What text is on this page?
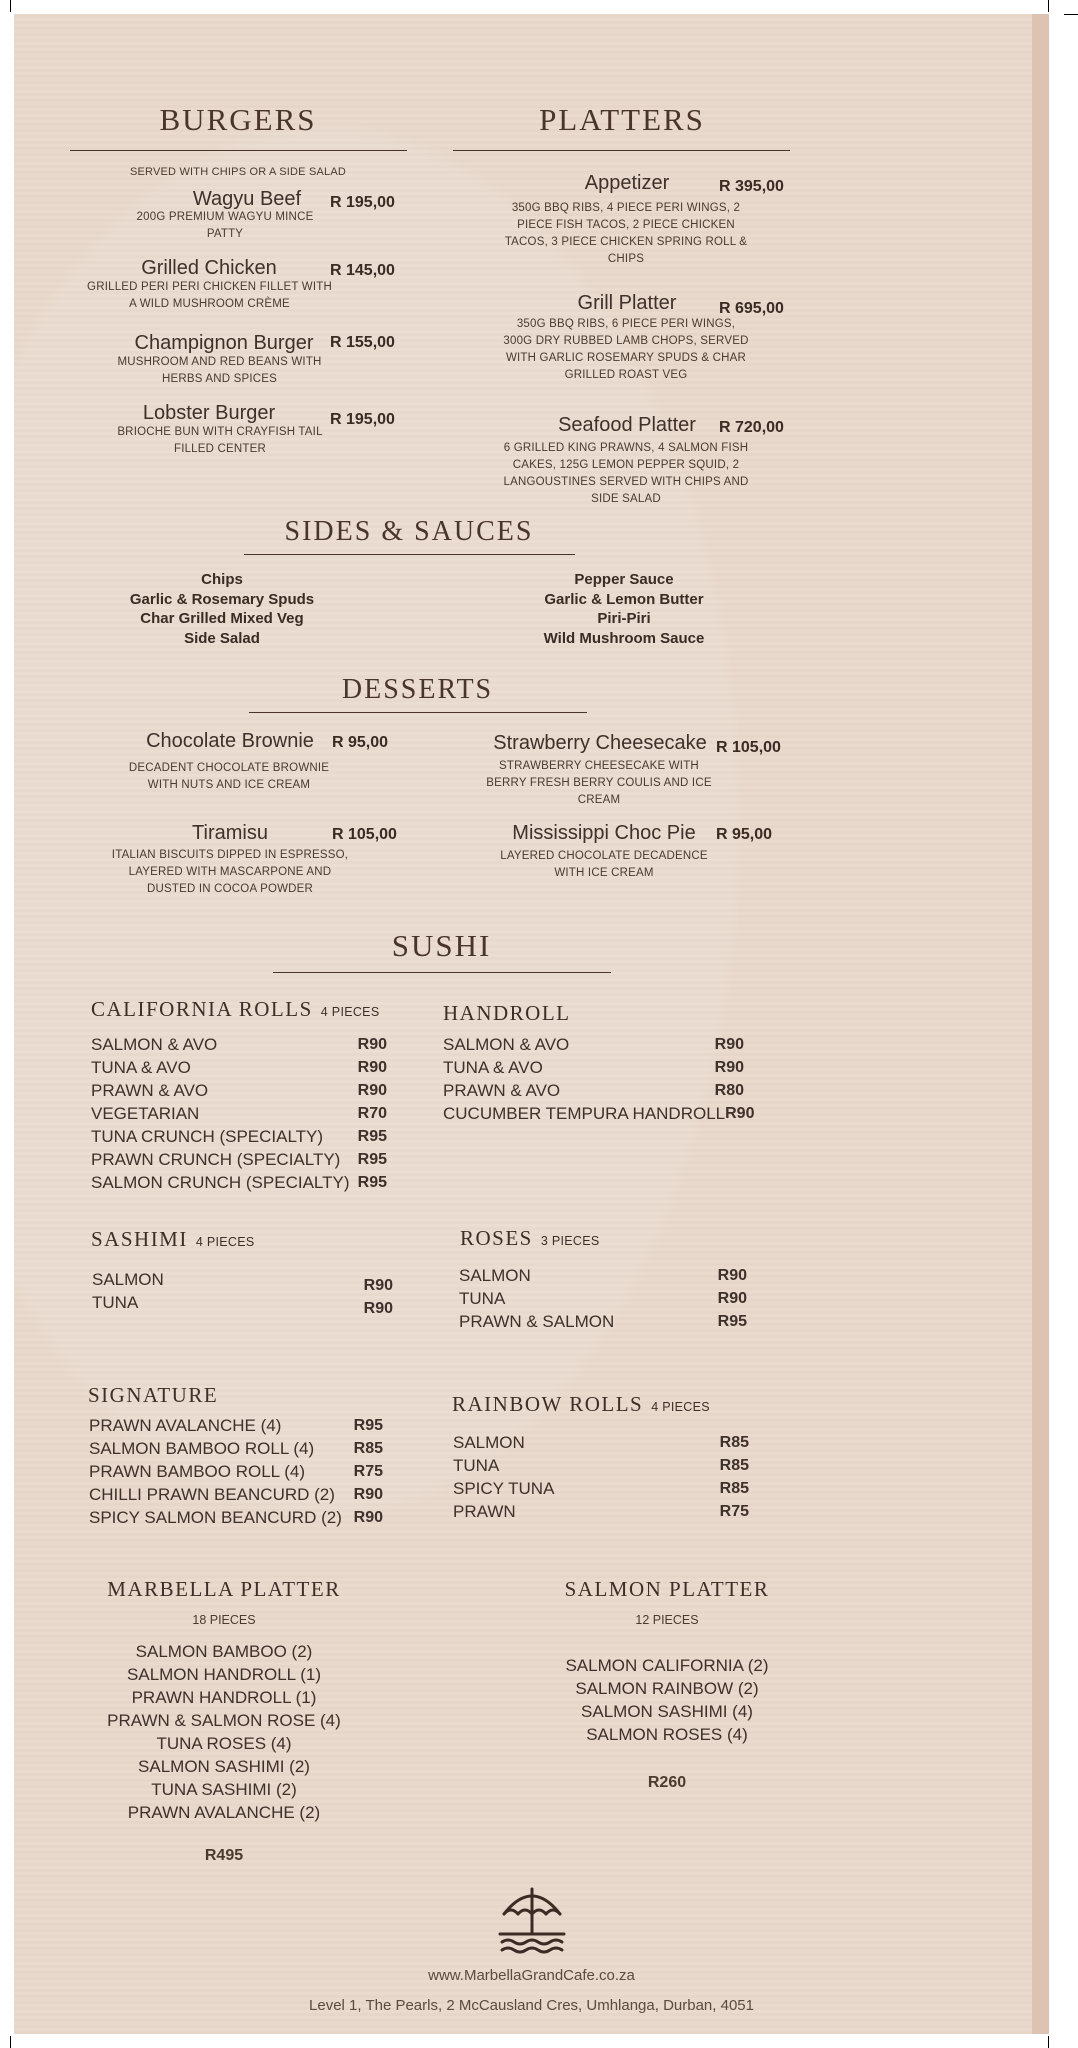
BURGERS
SERVED WITH CHIPS OR A SIDE SALAD
Wagyu Beef
200G PREMIUM WAGYU MINCE PATTY
R 195,00
Grilled Chicken
GRILLED PERI PERI CHICKEN FILLET WITH A WILD MUSHROOM CRÈME
R 145,00
Champignon Burger
MUSHROOM AND RED BEANS WITH HERBS AND SPICES
R 155,00
Lobster Burger
BRIOCHE BUN WITH CRAYFISH TAIL FILLED CENTER
R 195,00
PLATTERS
Appetizer
350G BBQ RIBS, 4 PIECE PERI WINGS, 2 PIECE FISH TACOS, 2 PIECE CHICKEN TACOS, 3 PIECE CHICKEN SPRING ROLL & CHIPS
R 395,00
Grill Platter
350G BBQ RIBS, 6 PIECE PERI WINGS, 300G DRY RUBBED LAMB CHOPS, SERVED WITH GARLIC ROSEMARY SPUDS & CHAR GRILLED ROAST VEG
R 695,00
Seafood Platter
6 GRILLED KING PRAWNS, 4 SALMON FISH CAKES, 125G LEMON PEPPER SQUID, 2 LANGOUSTINES SERVED WITH CHIPS AND SIDE SALAD
R 720,00
SIDES & SAUCES
Chips
Garlic & Rosemary Spuds
Char Grilled Mixed Veg
Side Salad
Pepper Sauce
Garlic & Lemon Butter
Piri-Piri
Wild Mushroom Sauce
DESSERTS
Chocolate Brownie
DECADENT CHOCOLATE BROWNIE WITH NUTS AND ICE CREAM
R 95,00	Strawberry Cheesecake
STRAWBERRY CHEESECAKE WITH BERRY FRESH BERRY COULIS AND ICE CREAM
R 105,00
Tiramisu
ITALIAN BISCUITS DIPPED IN ESPRESSO, LAYERED WITH MASCARPONE AND DUSTED IN COCOA POWDER
R 105,00	Mississippi Choc Pie
LAYERED CHOCOLATE DECADENCE WITH ICE CREAM
R 95,00
SUSHI
CALIFORNIA ROLLS 4 PIECES
SALMON & AVO	R90
TUNA & AVO	R90
PRAWN & AVO	R90
VEGETARIAN	R70
TUNA CRUNCH (SPECIALTY) R95
PRAWN CRUNCH (SPECIALTY) R95
SALMON CRUNCH (SPECIALTY) R95
HANDROLL
SALMON & AVO	R90
TUNA & AVO	R90
PRAWN & AVO	R80
CUCUMBER TEMPURA HANDROLL R90
SASHIMI 4 PIECES
SALMON	R90
TUNA	R90
ROSES 3 PIECES
SALMON	R90
TUNA	R90
PRAWN & SALMON	R95
SIGNATURE
PRAWN AVALANCHE (4)	R95
SALMON BAMBOO ROLL (4) R85
PRAWN BAMBOO ROLL (4)	R75
CHILLI PRAWN BEANCURD (2) R90
SPICY SALMON BEANCURD (2) R90
RAINBOW ROLLS 4 PIECES
SALMON	R85
TUNA	R85
SPICY TUNA	R85
PRAWN	R75
MARBELLA PLATTER
18 PIECES
SALMON BAMBOO (2)
SALMON HANDROLL (1)
PRAWN HANDROLL (1)
PRAWN & SALMON ROSE (4)
TUNA ROSES (4)
SALMON SASHIMI (2)
TUNA SASHIMI (2)
PRAWN AVALANCHE (2)
R495
SALMON PLATTER
12 PIECES
SALMON CALIFORNIA (2)
SALMON RAINBOW (2)
SALMON SASHIMI (4)
SALMON ROSES (4)
R260
www.MarbellaGrandCafe.co.za
Level 1, The Pearls, 2 McCausland Cres, Umhlanga, Durban, 4051
